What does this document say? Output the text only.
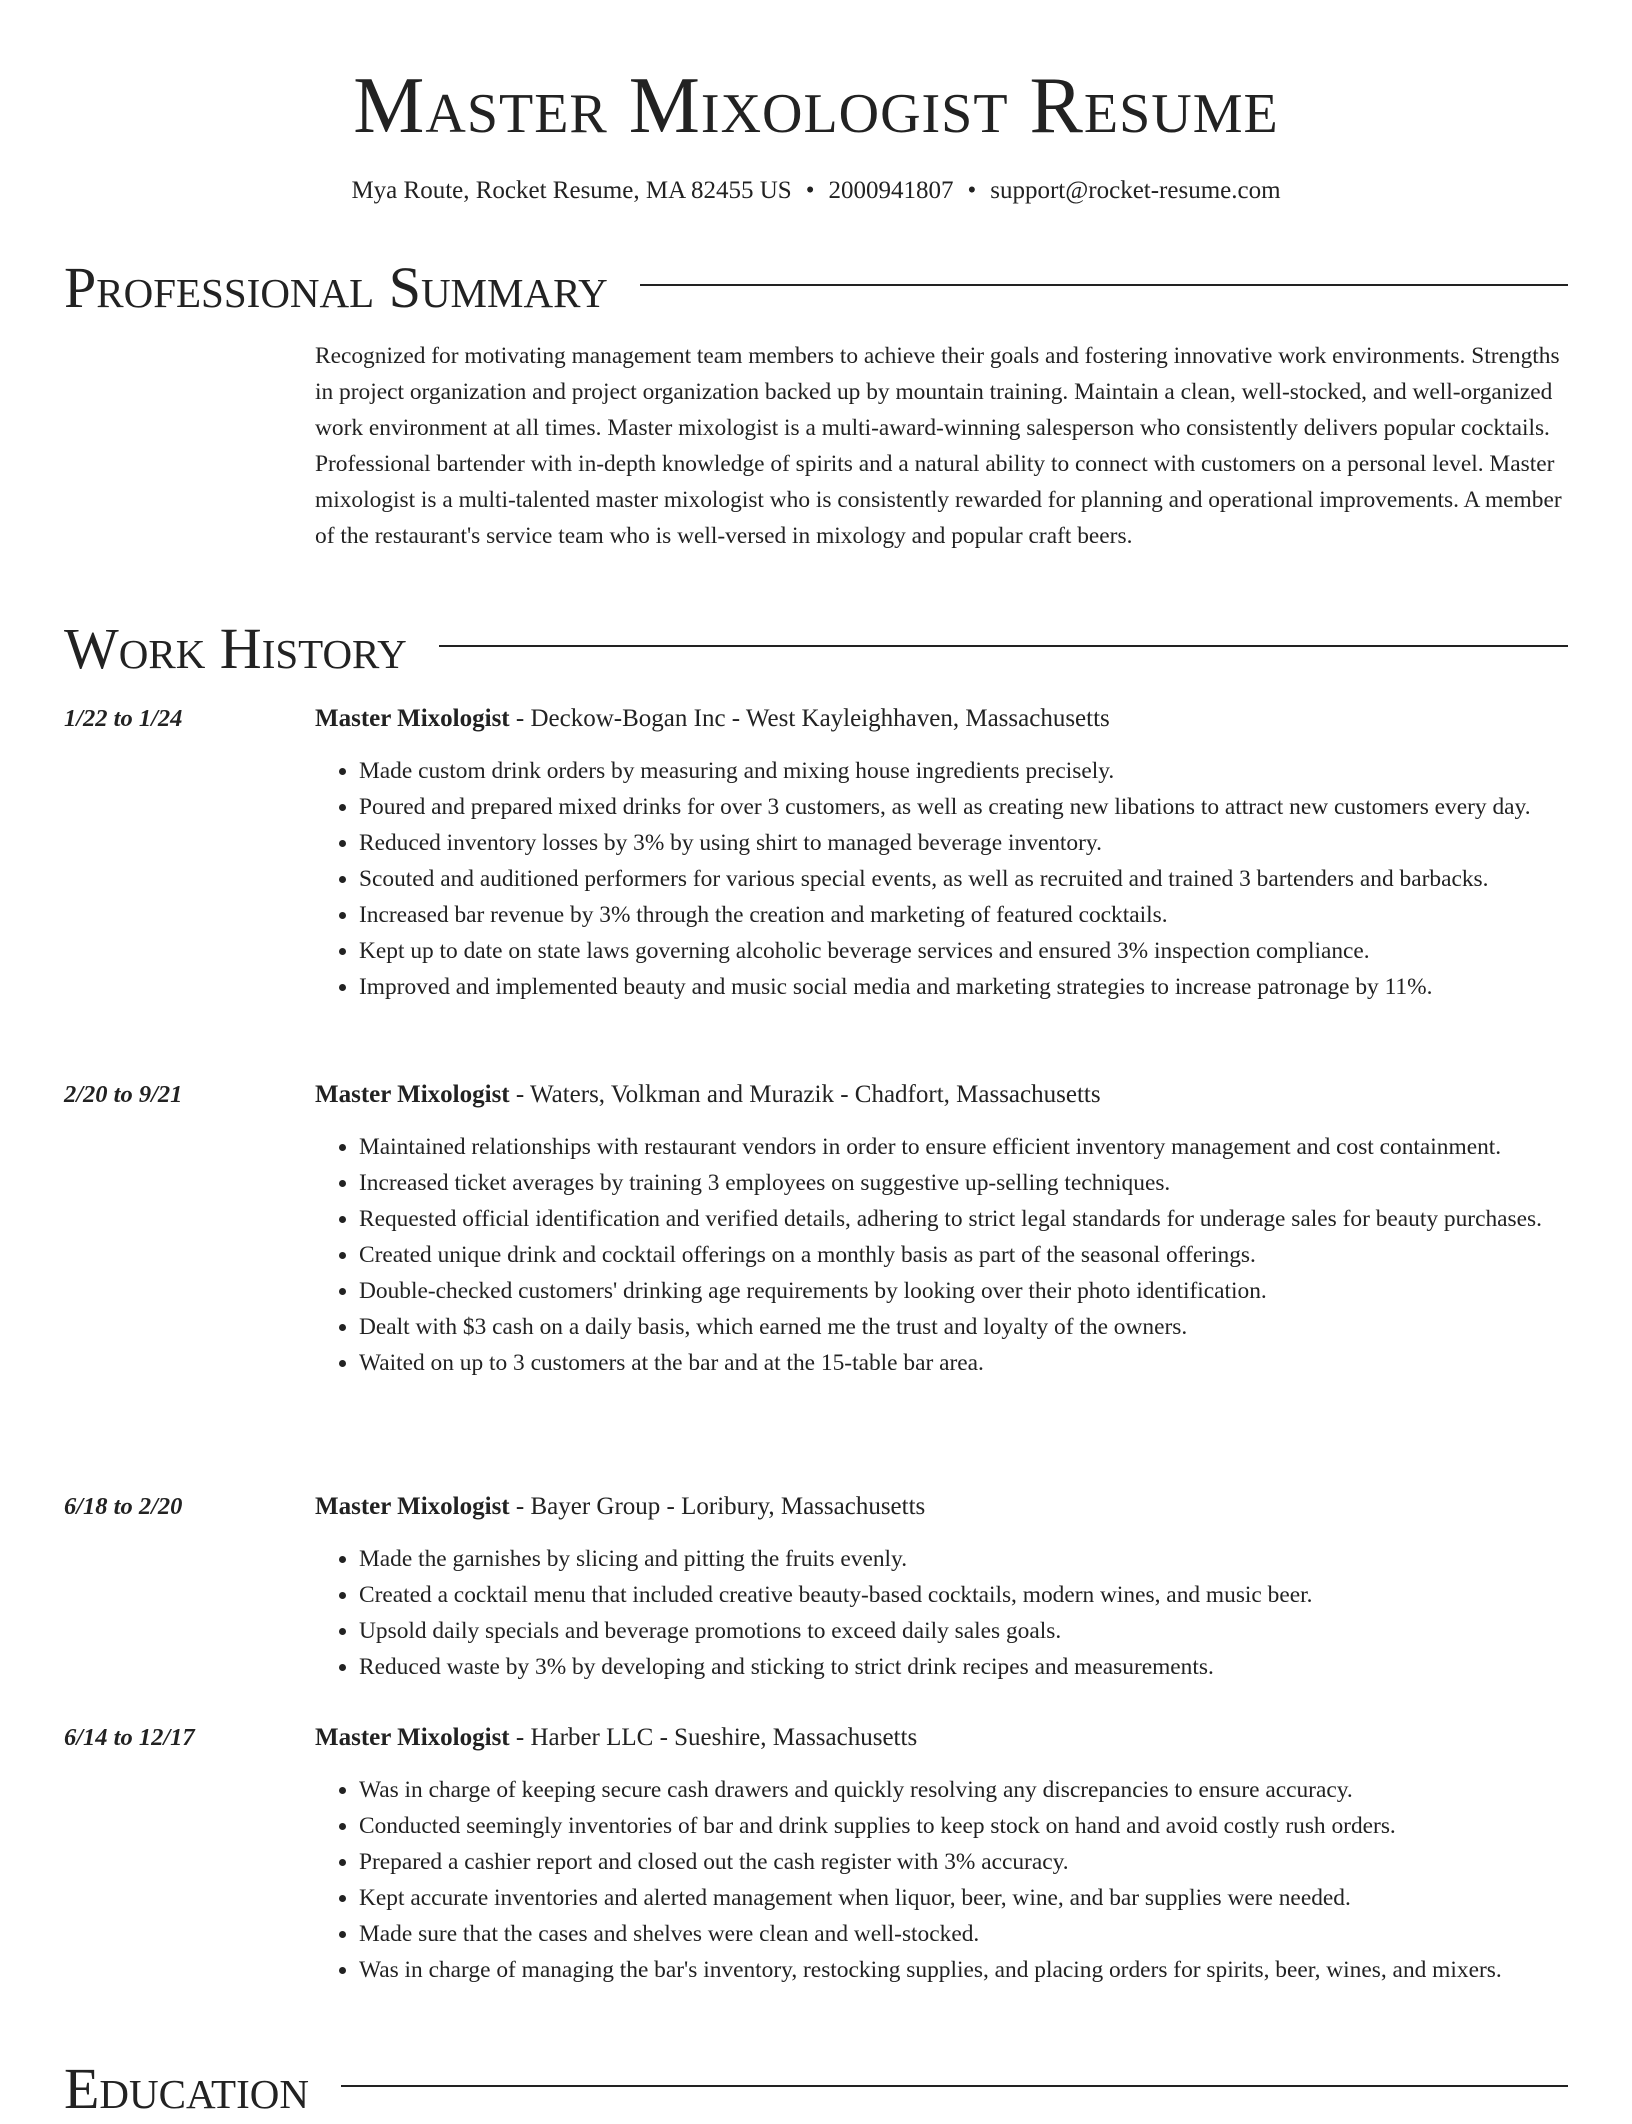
Master Mixologist Resume
Mya Route, Rocket Resume, MA 82455 US • 2000941807 • support@rocket-resume.com
Professional Summary

Recognized for motivating management team members to achieve their goals and fostering innovative work environments. Strengths in project organization and project organization backed up by mountain training. Maintain a clean, well-stocked, and well-organized work environment at all times. Master mixologist is a multi-award-winning salesperson who consistently delivers popular cocktails. Professional bartender with in-depth knowledge of spirits and a natural ability to connect with customers on a personal level. Master mixologist is a multi-talented master mixologist who is consistently rewarded for planning and operational improvements. A member of the restaurant's service team who is well-versed in mixology and popular craft beers.

Work History
1/22 to 1/24	Master Mixologist - Deckow-Bogan Inc - West Kayleighhaven, Massachusetts
• Made custom drink orders by measuring and mixing house ingredients precisely.
• Poured and prepared mixed drinks for over 3 customers, as well as creating new libations to attract new customers every day.
• Reduced inventory losses by 3% by using shirt to managed beverage inventory.
• Scouted and auditioned performers for various special events, as well as recruited and trained 3 bartenders and barbacks.
• Increased bar revenue by 3% through the creation and marketing of featured cocktails.
• Kept up to date on state laws governing alcoholic beverage services and ensured 3% inspection compliance.
• Improved and implemented beauty and music social media and marketing strategies to increase patronage by 11%.
2/20 to 9/21	Master Mixologist - Waters, Volkman and Murazik - Chadfort, Massachusetts
• Maintained relationships with restaurant vendors in order to ensure efficient inventory management and cost containment.
• Increased ticket averages by training 3 employees on suggestive up-selling techniques.
• Requested official identification and verified details, adhering to strict legal standards for underage sales for beauty purchases.
• Created unique drink and cocktail offerings on a monthly basis as part of the seasonal offerings.
• Double-checked customers' drinking age requirements by looking over their photo identification.
• Dealt with $3 cash on a daily basis, which earned me the trust and loyalty of the owners.
• Waited on up to 3 customers at the bar and at the 15-table bar area.
6/18 to 2/20	Master Mixologist - Bayer Group - Loribury, Massachusetts
• Made the garnishes by slicing and pitting the fruits evenly.
• Created a cocktail menu that included creative beauty-based cocktails, modern wines, and music beer.
• Upsold daily specials and beverage promotions to exceed daily sales goals.
• Reduced waste by 3% by developing and sticking to strict drink recipes and measurements.
6/14 to 12/17	Master Mixologist - Harber LLC - Sueshire, Massachusetts
• Was in charge of keeping secure cash drawers and quickly resolving any discrepancies to ensure accuracy.
• Conducted seemingly inventories of bar and drink supplies to keep stock on hand and avoid costly rush orders.
• Prepared a cashier report and closed out the cash register with 3% accuracy.
• Kept accurate inventories and alerted management when liquor, beer, wine, and bar supplies were needed.
• Made sure that the cases and shelves were clean and well-stocked.
• Was in charge of managing the bar's inventory, restocking supplies, and placing orders for spirits, beer, wines, and mixers.
Education
